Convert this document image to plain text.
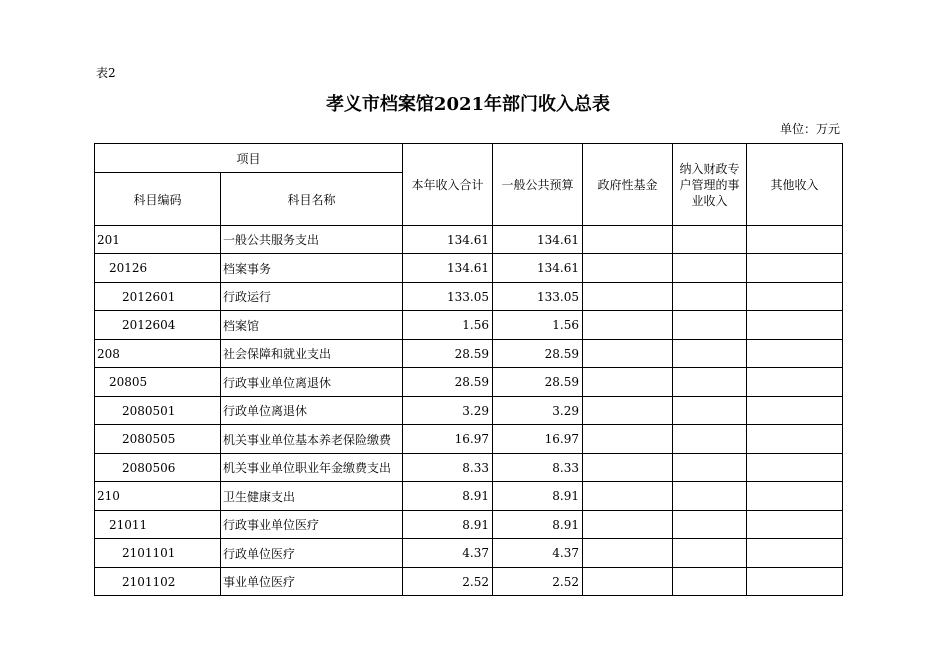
表2
孝义市档案馆2021年部门收入总表
单位：万元
项目		本年收入合计	一般公共预算	政府性基金	纳入财政专户管理的事业收入	其他收入
科目编码	科目名称					
201	一般公共服务支出	134.61	134.61			
20126	档案事务	134.61	134.61			
2012601	行政运行	133.05	133.05			
2012604	档案馆	1.56	1.56			
208	社会保障和就业支出	28.59	28.59			
20805	行政事业单位离退休	28.59	28.59			
2080501	行政单位离退休	3.29	3.29			
2080505	机关事业单位基本养老保险缴费	16.97	16.97			
2080506	机关事业单位职业年金缴费支出	8.33	8.33			
210	卫生健康支出	8.91	8.91			
21011	行政事业单位医疗	8.91	8.91			
2101101	行政单位医疗	4.37	4.37			
2101102	事业单位医疗	2.52	2.52			
